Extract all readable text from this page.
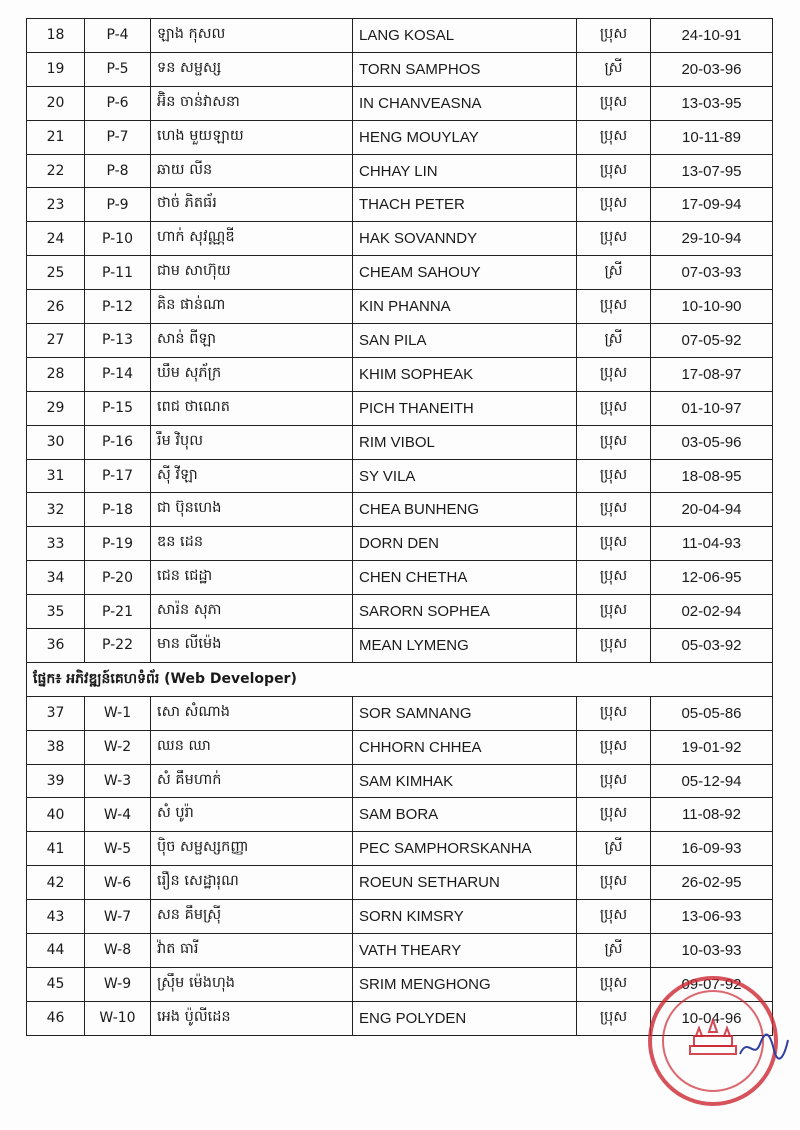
18	P-4	ឡាង កុសល	LANG KOSAL	ប្រុស	24-10-91
19	P-5	ទន សម្ផស្ស	TORN SAMPHOS	ស្រី	20-03-96
20	P-6	អ៊ិន ចាន់វាសនា	IN CHANVEASNA	ប្រុស	13-03-95
21	P-7	ហេង មួយឡាយ	HENG MOUYLAY	ប្រុស	10-11-89
22	P-8	ឆាយ លីន	CHHAY LIN	ប្រុស	13-07-95
23	P-9	ថាច់ ភិតធ័រ	THACH PETER	ប្រុស	17-09-94
24	P-10	ហាក់ សុវណ្ណឌី	HAK SOVANNDY	ប្រុស	29-10-94
25	P-11	ជាម សាហ៊ុយ	CHEAM SAHOUY	ស្រី	07-03-93
26	P-12	គិន ផាន់ណា	KIN PHANNA	ប្រុស	10-10-90
27	P-13	សាន់ ពីឡា	SAN PILA	ស្រី	07-05-92
28	P-14	ឃឹម សុភ័ក្រ	KHIM SOPHEAK	ប្រុស	17-08-97
29	P-15	ពេជ ថាណេត	PICH THANEITH	ប្រុស	01-10-97
30	P-16	រឹម វិបុល	RIM VIBOL	ប្រុស	03-05-96
31	P-17	ស៊ី វីឡា	SY VILA	ប្រុស	18-08-95
32	P-18	ជា ប៊ុនហេង	CHEA BUNHENG	ប្រុស	20-04-94
33	P-19	ឌន ដេន	DORN DEN	ប្រុស	11-04-93
34	P-20	ជេន ជេដ្ឋា	CHEN CHETHA	ប្រុស	12-06-95
35	P-21	សារ៉ន សុភា	SARORN SOPHEA	ប្រុស	02-02-94
36	P-22	មាន លីម៉េង	MEAN LYMENG	ប្រុស	05-03-92
ផ្នែក៖ អភិវឌ្ឍន៍គេហទំព័រ (Web Developer)					
37	W-1	សោ សំណាង	SOR SAMNANG	ប្រុស	05-05-86
38	W-2	ឈន ឈា	CHHORN CHHEA	ប្រុស	19-01-92
39	W-3	សំ គឹមហាក់	SAM KIMHAK	ប្រុស	05-12-94
40	W-4	សំ បូរ៉ា	SAM BORA	ប្រុស	11-08-92
41	W-5	ប៉ិច សម្ផស្សកញ្ញា	PEC SAMPHORSKANHA	ស្រី	16-09-93
42	W-6	រឿន សេដ្ឋារុណ	ROEUN SETHARUN	ប្រុស	26-02-95
43	W-7	សន គឹមស្រ៊ី	SORN KIMSRY	ប្រុស	13-06-93
44	W-8	វ៉ាត ធារី	VATH THEARY	ស្រី	10-03-93
45	W-9	ស្រ៊ឹម ម៉េងហុង	SRIM MENGHONG	ប្រុស	09-07-92
46	W-10	អេង ប៉ូលីដេន	ENG POLYDEN	ប្រុស	10-04-96
